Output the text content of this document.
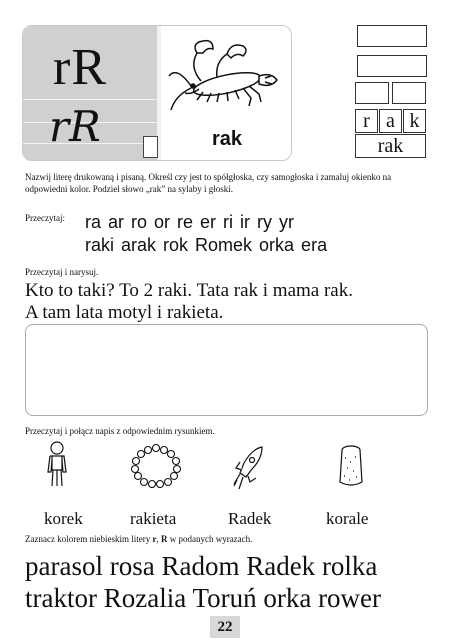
rR
rR	rak
r a k
rak
Nazwij literę drukowaną i pisaną. Określ czy jest to spółgłoska, czy samogłoska i zamaluj okienko na odpowiedni kolor. Podziel słowo „rak” na sylaby i głoski.
Przeczytaj: ra ar ro or re er ri ir ry yr
raki arak rok Romek orka era
Przeczytaj i narysuj.
Kto to taki? To 2 raki. Tata rak i mama rak.
A tam lata motyl i rakieta.
Przeczytaj i połącz napis z odpowiednim rysunkiem.
korek	rakieta	Radek	korale
Zaznacz kolorem niebieskim litery r, R w podanych wyrazach.
parasol rosa Radom Radek rolka
traktor Rozalia Toruń orka rower
22
